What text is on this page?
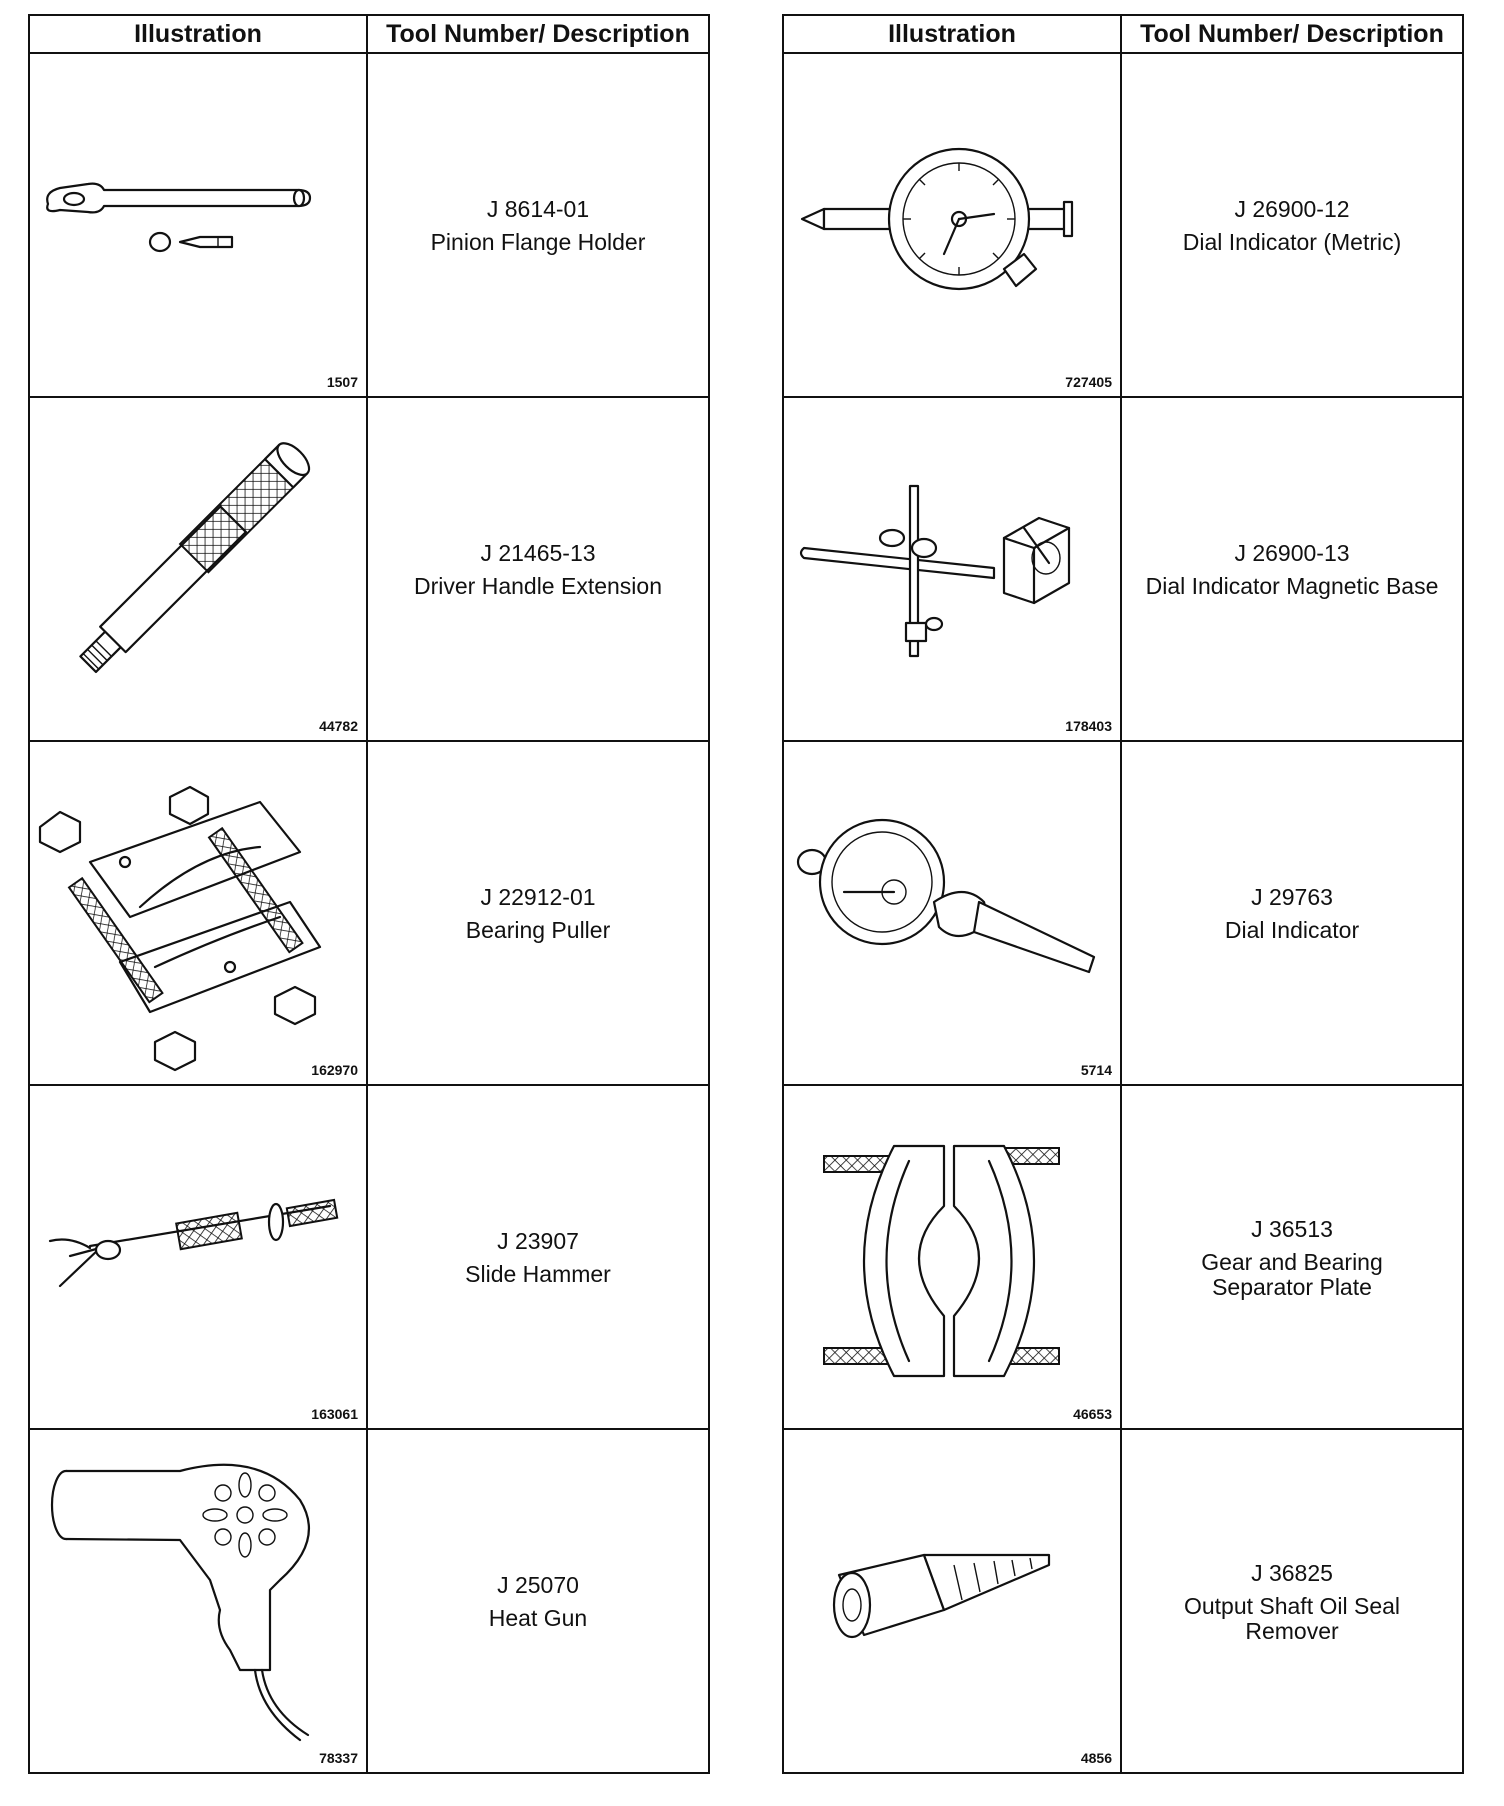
Illustration	Tool Number/ Description

1507	J 8614-01
Pinion Flange Holder

44782	J 21465-13
Driver Handle Extension

162970	J 22912-01
Bearing Puller

163061	J 23907
Slide Hammer

78337	J 25070
Heat Gun
Illustration	Tool Number/ Description

727405	J 26900-12
Dial Indicator (Metric)

178403	J 26900-13
Dial Indicator Magnetic Base

5714	J 29763
Dial Indicator

46653	J 36513
Gear and Bearing
Separator Plate

4856	J 36825
Output Shaft Oil Seal
Remover
